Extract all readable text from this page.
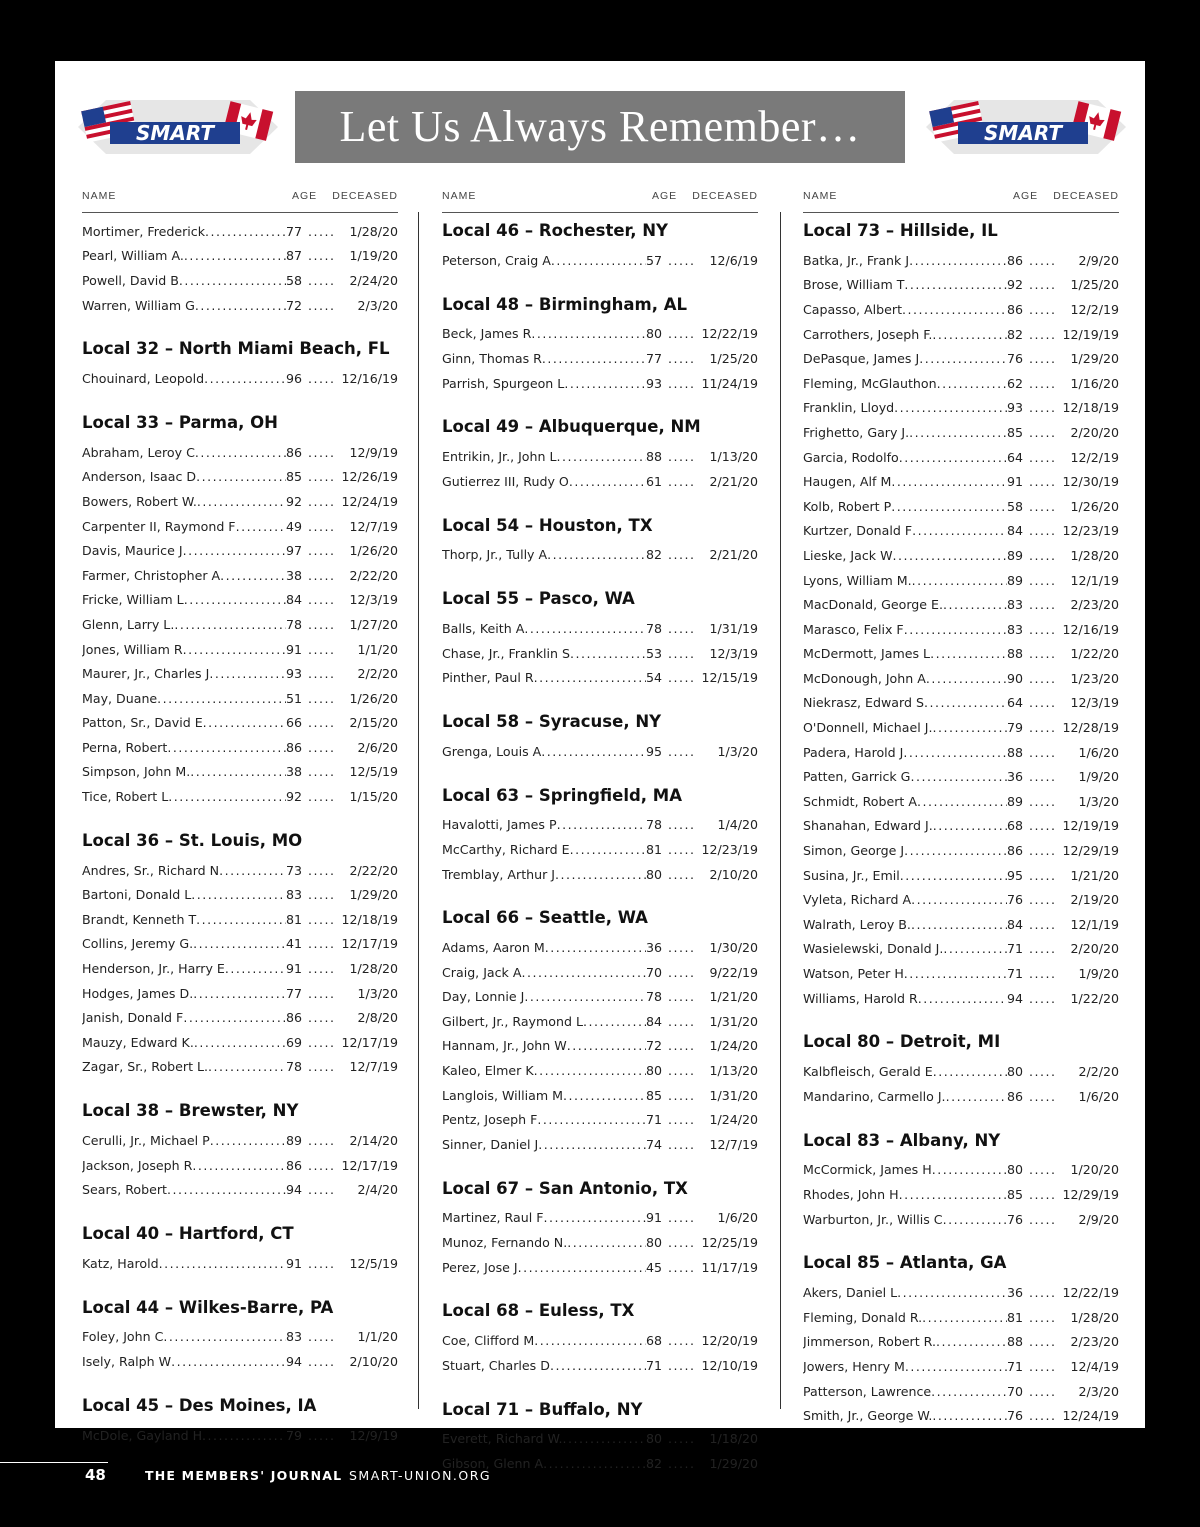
SMART	SMART
Let Us Always Remember…
NAME	AGE DECEASED
Mortimer, Frederick .....	77 .....	1/28/20
Pearl, William A. .....	87 .....	1/19/20
Powell, David B .....	58 .....	2/24/20
Warren, William G .....	72 .....	2/3/20
Local 32 – North Miami Beach, FL
Chouinard, Leopold .....	96 .....	12/16/19
Local 33 – Parma, OH
Abraham, Leroy C .....	86 .....	12/9/19
Anderson, Isaac D .....	85 .....	12/26/19
Bowers, Robert W. .....	92 .....	12/24/19
Carpenter II, Raymond F .....	49 .....	12/7/19
Davis, Maurice J .....	97 .....	1/26/20
Farmer, Christopher A .....	38 .....	2/22/20
Fricke, William L .....	84 .....	12/3/19
Glenn, Larry L. .....	78 .....	1/27/20
Jones, William R .....	91 .....	1/1/20
Maurer, Jr., Charles J .....	93 .....	2/2/20
May, Duane .....	51 .....	1/26/20
Patton, Sr., David E .....	66 .....	2/15/20
Perna, Robert .....	86 .....	2/6/20
Simpson, John M. .....	38 .....	12/5/19
Tice, Robert L .....	92 .....	1/15/20
Local 36 – St. Louis, MO
Andres, Sr., Richard N .....	73 .....	2/22/20
Bartoni, Donald L .....	83 .....	1/29/20
Brandt, Kenneth T .....	81 .....	12/18/19
Collins, Jeremy G. .....	41 .....	12/17/19
Henderson, Jr., Harry E .....	91 .....	1/28/20
Hodges, James D. .....	77 .....	1/3/20
Janish, Donald F .....	86 .....	2/8/20
Mauzy, Edward K. .....	69 .....	12/17/19
Zagar, Sr., Robert L. .....	78 .....	12/7/19
Local 38 – Brewster, NY
Cerulli, Jr., Michael P .....	89 .....	2/14/20
Jackson, Joseph R .....	86 .....	12/17/19
Sears, Robert .....	94 .....	2/4/20
Local 40 – Hartford, CT
Katz, Harold .....	91 .....	12/5/19
Local 44 – Wilkes-Barre, PA
Foley, John C .....	83 .....	1/1/20
Isely, Ralph W .....	94 .....	2/10/20
Local 45 – Des Moines, IA
McDole, Gayland H .....	79 .....	12/9/19
NAME	AGE DECEASED
Local 46 – Rochester, NY
Peterson, Craig A .....	57 .....	12/6/19
Local 48 – Birmingham, AL
Beck, James R .....	80 .....	12/22/19
Ginn, Thomas R .....	77 .....	1/25/20
Parrish, Spurgeon L .....	93 .....	11/24/19
Local 49 – Albuquerque, NM
Entrikin, Jr., John L .....	88 .....	1/13/20
Gutierrez III, Rudy O .....	61 .....	2/21/20
Local 54 – Houston, TX
Thorp, Jr., Tully A .....	82 .....	2/21/20
Local 55 – Pasco, WA
Balls, Keith A .....	78 .....	1/31/19
Chase, Jr., Franklin S .....	53 .....	12/3/19
Pinther, Paul R .....	54 .....	12/15/19
Local 58 – Syracuse, NY
Grenga, Louis A .....	95 .....	1/3/20
Local 63 – Springfield, MA
Havalotti, James P .....	78 .....	1/4/20
McCarthy, Richard E .....	81 .....	12/23/19
Tremblay, Arthur J .....	80 .....	2/10/20
Local 66 – Seattle, WA
Adams, Aaron M .....	36 .....	1/30/20
Craig, Jack A .....	70 .....	9/22/19
Day, Lonnie J .....	78 .....	1/21/20
Gilbert, Jr., Raymond L .....	84 .....	1/31/20
Hannam, Jr., John W .....	72 .....	1/24/20
Kaleo, Elmer K .....	80 .....	1/13/20
Langlois, William M .....	85 .....	1/31/20
Pentz, Joseph F .....	71 .....	1/24/20
Sinner, Daniel J .....	74 .....	12/7/19
Local 67 – San Antonio, TX
Martinez, Raul F .....	91 .....	1/6/20
Munoz, Fernando N. .....	80 .....	12/25/19
Perez, Jose J .....	45 .....	11/17/19
Local 68 – Euless, TX
Coe, Clifford M .....	68 .....	12/20/19
Stuart, Charles D .....	71 .....	12/10/19
Local 71 – Buffalo, NY
Everett, Richard W. .....	80 .....	1/18/20
Gibson, Glenn A .....	82 .....	1/29/20
NAME	AGE DECEASED
Local 73 – Hillside, IL
Batka, Jr., Frank J .....	86 .....	2/9/20
Brose, William T .....	92 .....	1/25/20
Capasso, Albert .....	86 .....	12/2/19
Carrothers, Joseph F. .....	82 .....	12/19/19
DePasque, James J .....	76 .....	1/29/20
Fleming, McGlauthon .....	62 .....	1/16/20
Franklin, Lloyd .....	93 .....	12/18/19
Frighetto, Gary J. .....	85 .....	2/20/20
Garcia, Rodolfo .....	64 .....	12/2/19
Haugen, Alf M .....	91 .....	12/30/19
Kolb, Robert P .....	58 .....	1/26/20
Kurtzer, Donald F .....	84 .....	12/23/19
Lieske, Jack W .....	89 .....	1/28/20
Lyons, William M. .....	89 .....	12/1/19
MacDonald, George E. .....	83 .....	2/23/20
Marasco, Felix F .....	83 .....	12/16/19
McDermott, James L .....	88 .....	1/22/20
McDonough, John A .....	90 .....	1/23/20
Niekrasz, Edward S .....	64 .....	12/3/19
O'Donnell, Michael J. .....	79 .....	12/28/19
Padera, Harold J .....	88 .....	1/6/20
Patten, Garrick G .....	36 .....	1/9/20
Schmidt, Robert A .....	89 .....	1/3/20
Shanahan, Edward J. .....	68 .....	12/19/19
Simon, George J .....	86 .....	12/29/19
Susina, Jr., Emil .....	95 .....	1/21/20
Vyleta, Richard A .....	76 .....	2/19/20
Walrath, Leroy B. .....	84 .....	12/1/19
Wasielewski, Donald J. .....	71 .....	2/20/20
Watson, Peter H .....	71 .....	1/9/20
Williams, Harold R .....	94 .....	1/22/20
Local 80 – Detroit, MI
Kalbfleisch, Gerald E .....	80 .....	2/2/20
Mandarino, Carmello J. .....	86 .....	1/6/20
Local 83 – Albany, NY
McCormick, James H .....	80 .....	1/20/20
Rhodes, John H .....	85 .....	12/29/19
Warburton, Jr., Willis C .....	76 .....	2/9/20
Local 85 – Atlanta, GA
Akers, Daniel L .....	36 .....	12/22/19
Fleming, Donald R. .....	81 .....	1/28/20
Jimmerson, Robert R. .....	88 .....	2/23/20
Jowers, Henry M .....	71 .....	12/4/19
Patterson, Lawrence .....	70 .....	2/3/20
Smith, Jr., George W. .....	76 .....	12/24/19
48	THE MEMBERS' JOURNAL SMART-UNION.ORG
